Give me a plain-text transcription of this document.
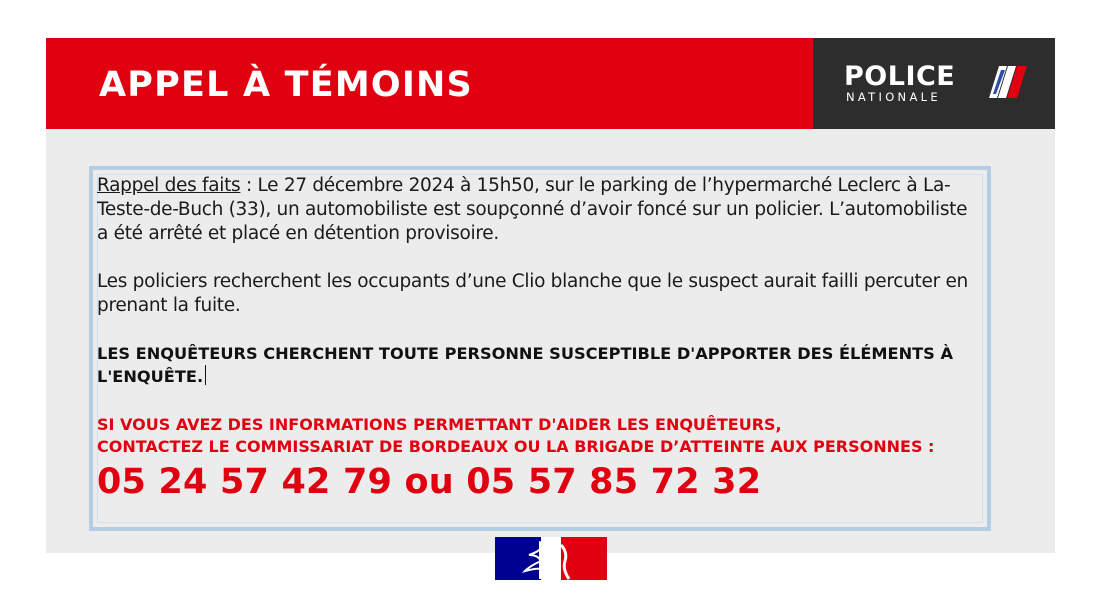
APPEL À TÉMOINS	POLICE
NATIONALE

Rappel des faits : Le 27 décembre 2024 à 15h50, sur le parking de l’hypermarché Leclerc à La-Teste-de-Buch (33), un automobiliste est soupçonné d’avoir foncé sur un policier. L’automobiliste a été arrêté et placé en détention provisoire.

Les policiers recherchent les occupants d’une Clio blanche que le suspect aurait failli percuter en prenant la fuite.

LES ENQUÊTEURS CHERCHENT TOUTE PERSONNE SUSCEPTIBLE D'APPORTER DES ÉLÉMENTS À L'ENQUÊTE.

SI VOUS AVEZ DES INFORMATIONS PERMETTANT D'AIDER LES ENQUÊTEURS,
CONTACTEZ LE COMMISSARIAT DE BORDEAUX OU LA BRIGADE D’ATTEINTE AUX PERSONNES :

05 24 57 42 79 ou 05 57 85 72 32
